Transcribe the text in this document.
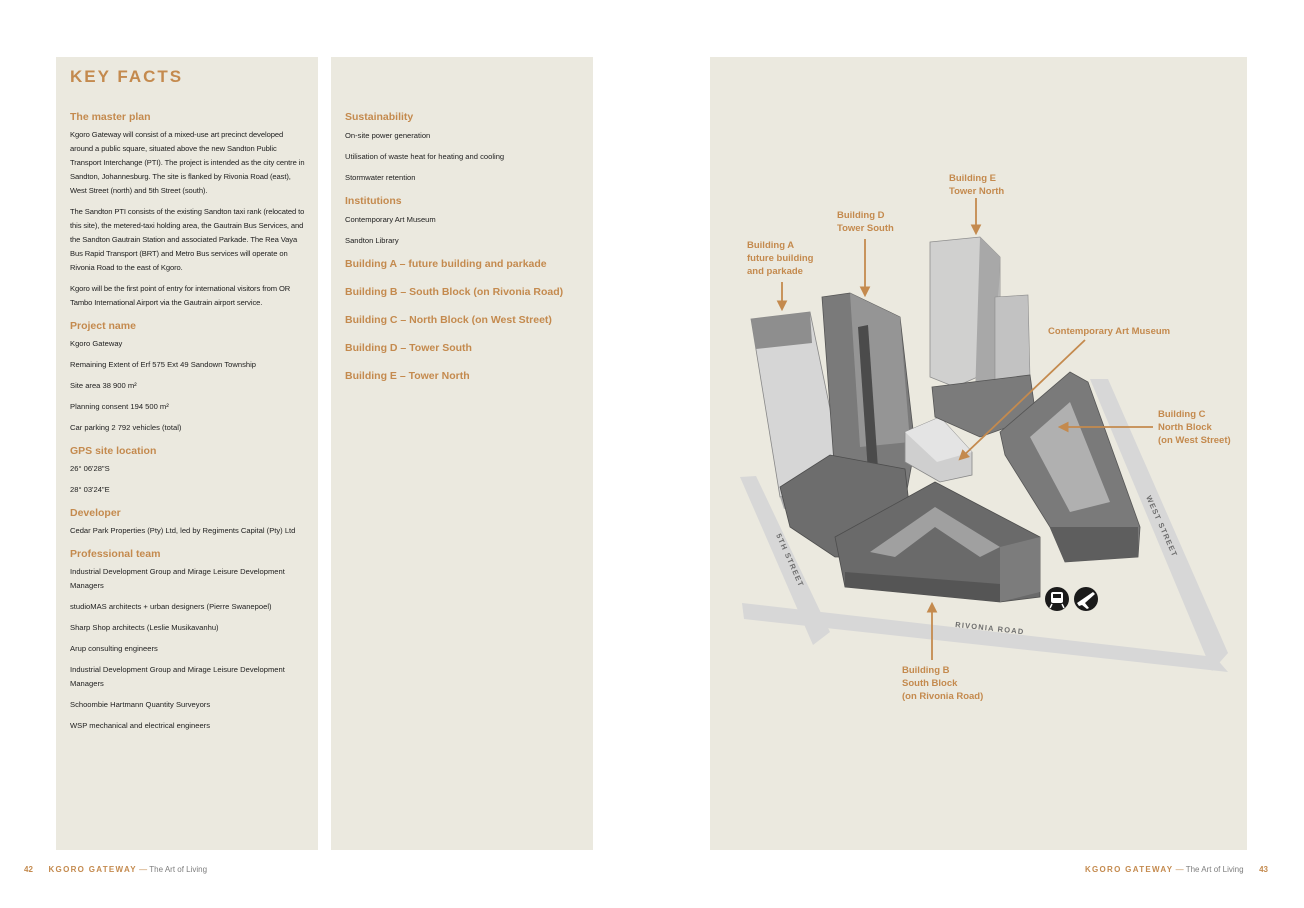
KEY FACTS
The master plan

Kgoro Gateway will consist of a mixed-use art precinct developed around a public square, situated above the new Sandton Public Transport Interchange (PTI). The project is intended as the city centre in Sandton, Johannesburg. The site is flanked by Rivonia Road (east), West Street (north) and 5th Street (south).

The Sandton PTI consists of the existing Sandton taxi rank (relocated to this site), the metered-taxi holding area, the Gautrain Bus Services, and the Sandton Gautrain Station and associated Parkade. The Rea Vaya Bus Rapid Transport (BRT) and Metro Bus services will operate on Rivonia Road to the east of Kgoro.

Kgoro will be the first point of entry for international visitors from OR Tambo International Airport via the Gautrain airport service.

Project name
Kgoro Gateway
Remaining Extent of Erf 575 Ext 49 Sandown Township
Site area 38 900 m²
Planning consent 194 500 m²
Car parking 2 792 vehicles (total)
GPS site location
26° 06'28"S
28° 03'24"E
Developer
Cedar Park Properties (Pty) Ltd, led by Regiments Capital (Pty) Ltd
Professional team
Industrial Development Group and Mirage Leisure Development Managers
studioMAS architects + urban designers (Pierre Swanepoel)
Sharp Shop architects (Leslie Musikavanhu)
Arup consulting engineers
Industrial Development Group and Mirage Leisure Development Managers
Schoombie Hartmann Quantity Surveyors
WSP mechanical and electrical engineers
Sustainability
On-site power generation
Utilisation of waste heat for heating and cooling
Stormwater retention
Institutions
Contemporary Art Museum
Sandton Library
Building A – future building and parkade
Building B – South Block (on Rivonia Road)
Building C – North Block (on West Street)
Building D – Tower South
Building E – Tower North
5TH STREET
WEST STREET
RIVONIA ROAD
Building A future building and parkade
Building D Tower South
Building E Tower North
Contemporary Art Museum
Building C North Block (on West Street)
Building B South Block (on Rivonia Road)
42 KGORO GATEWAY — The Art of Living	KGORO GATEWAY — The Art of Living 43
